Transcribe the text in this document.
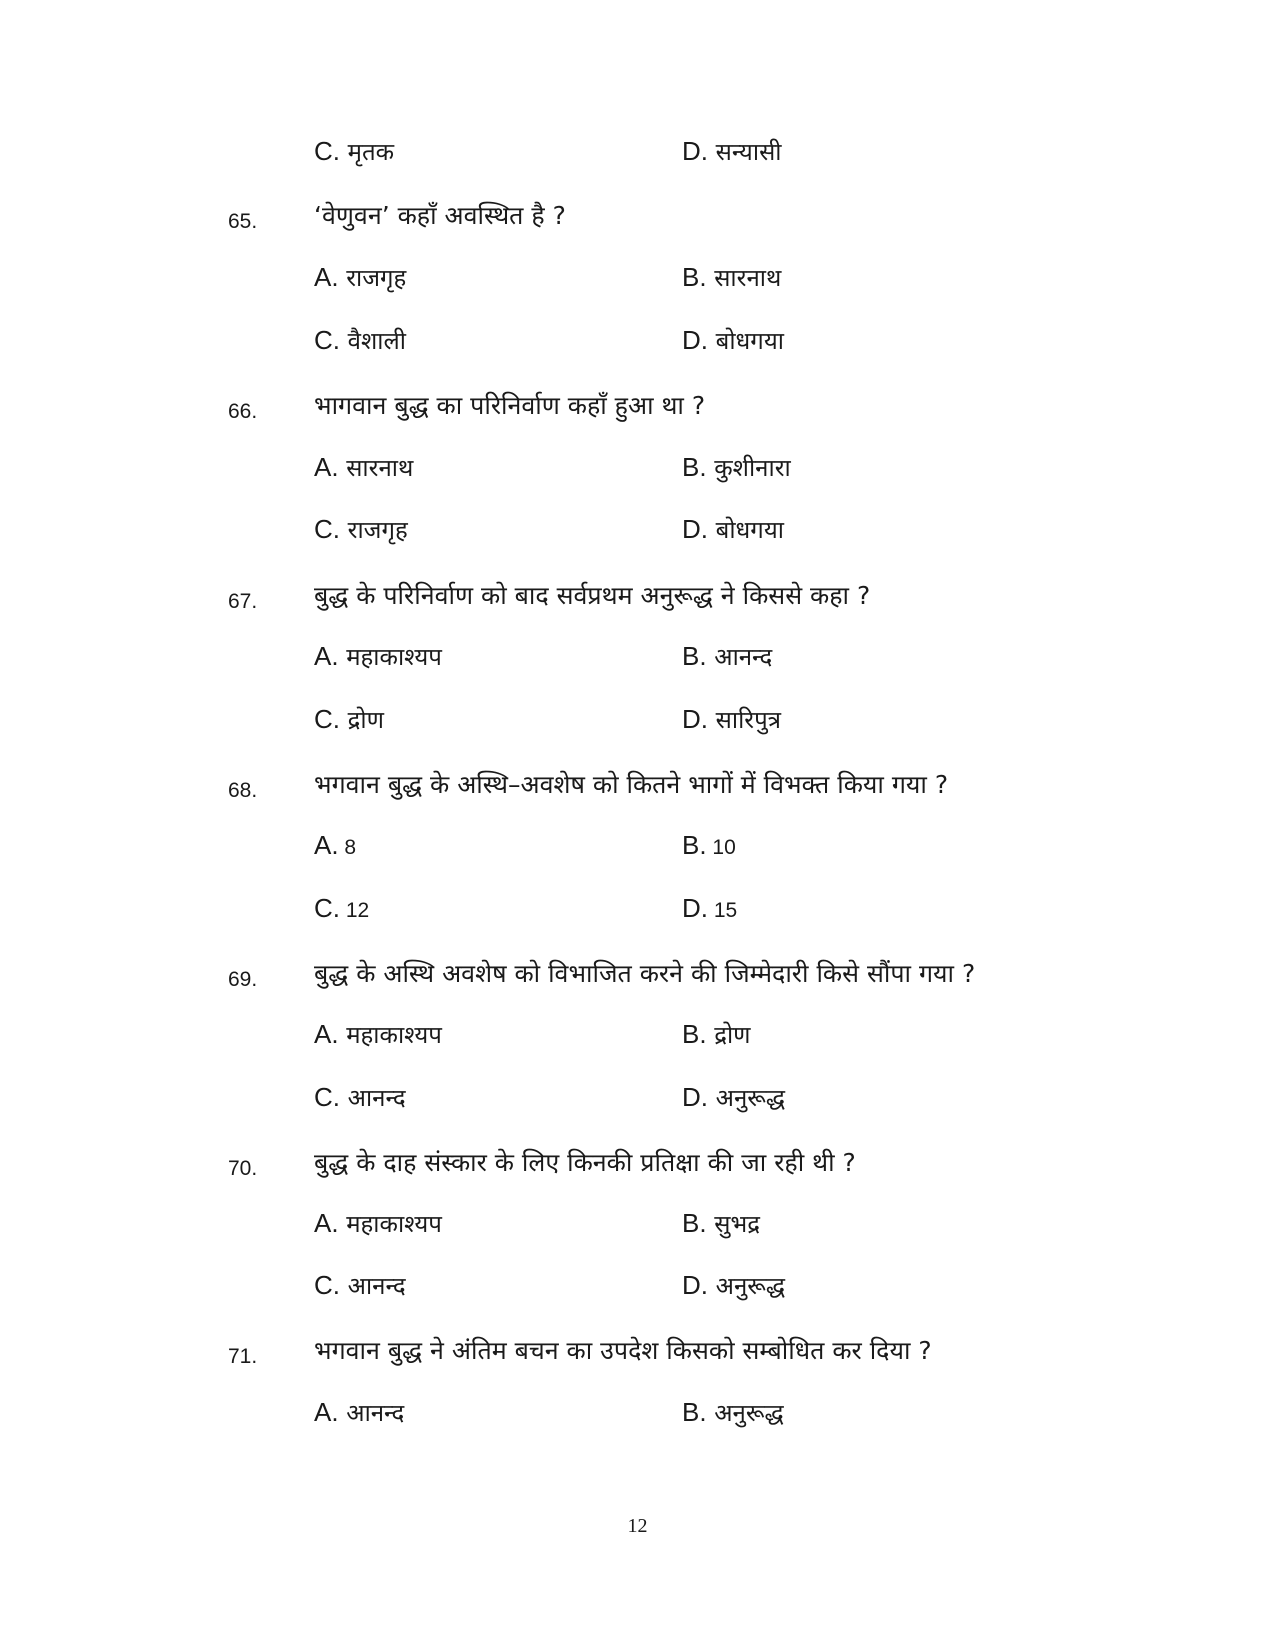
C. मृतक	D. सन्यासी
65. ‘वेणुवन’ कहाँ अवस्थित है ?
A. राजगृह	B. सारनाथ
C. वैशाली	D. बोधगया
66. भागवान बुद्ध का परिनिर्वाण कहाँ हुआ था ?
A. सारनाथ	B. कुशीनारा
C. राजगृह	D. बोधगया
67. बुद्ध के परिनिर्वाण को बाद सर्वप्रथम अनुरूद्ध ने किससे कहा ?
A. महाकाश्यप	B. आनन्द
C. द्रोण	D. सारिपुत्र
68. भगवान बुद्ध के अस्थि–अवशेष को कितने भागों में विभक्त किया गया ?
A. 8	B. 10
C. 12	D. 15
69. बुद्ध के अस्थि अवशेष को विभाजित करने की जिम्मेदारी किसे सौंपा गया ?
A. महाकाश्यप	B. द्रोण
C. आनन्द	D. अनुरूद्ध
70. बुद्ध के दाह संस्कार के लिए किनकी प्रतिक्षा की जा रही थी ?
A. महाकाश्यप	B. सुभद्र
C. आनन्द	D. अनुरूद्ध
71. भगवान बुद्ध ने अंतिम बचन का उपदेश किसको सम्बोधित कर दिया ?
A. आनन्द	B. अनुरूद्ध
12
